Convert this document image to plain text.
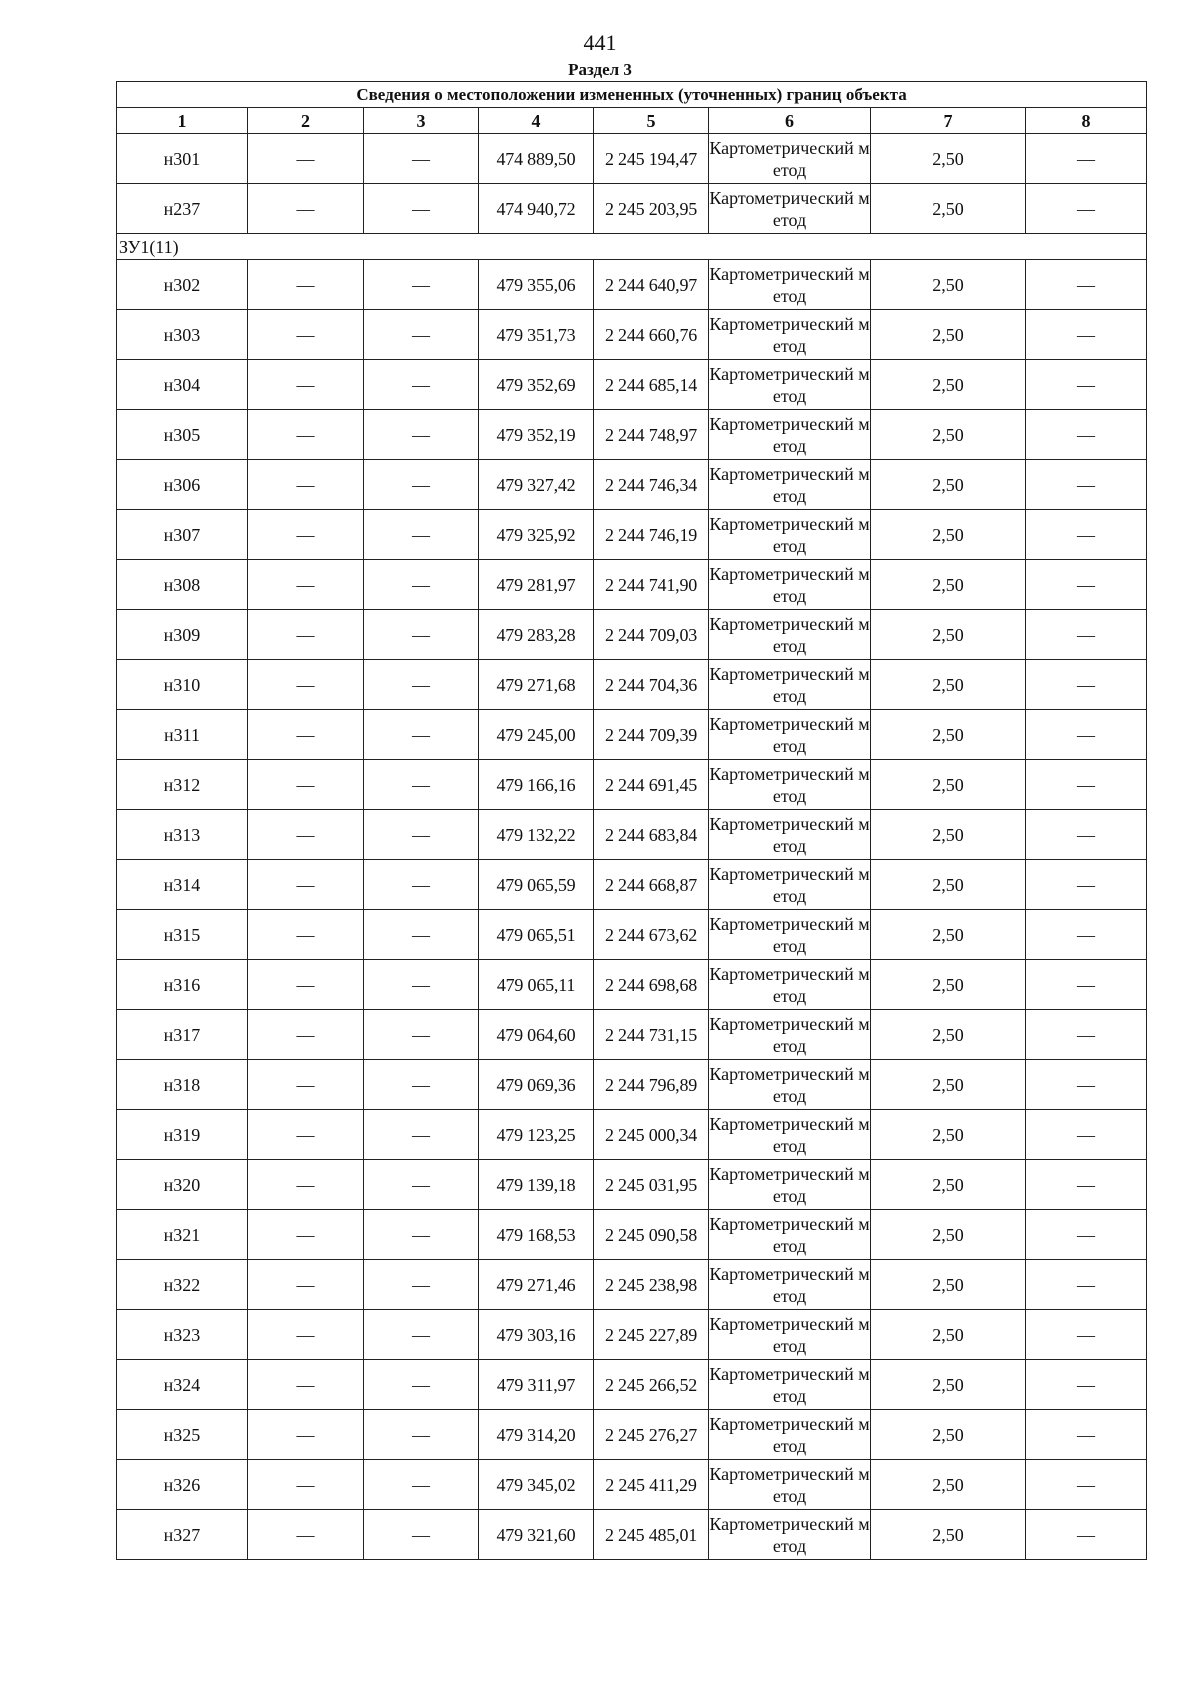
441
Раздел 3
Сведения о местоположении измененных (уточненных) границ объекта							
1	2	3	4	5	6	7	8
н301	—	—	474 889,50	2 245 194,47	Картометрический метод	2,50	—
н237	—	—	474 940,72	2 245 203,95	Картометрический метод	2,50	—
ЗУ1(11)							
н302	—	—	479 355,06	2 244 640,97	Картометрический метод	2,50	—
н303	—	—	479 351,73	2 244 660,76	Картометрический метод	2,50	—
н304	—	—	479 352,69	2 244 685,14	Картометрический метод	2,50	—
н305	—	—	479 352,19	2 244 748,97	Картометрический метод	2,50	—
н306	—	—	479 327,42	2 244 746,34	Картометрический метод	2,50	—
н307	—	—	479 325,92	2 244 746,19	Картометрический метод	2,50	—
н308	—	—	479 281,97	2 244 741,90	Картометрический метод	2,50	—
н309	—	—	479 283,28	2 244 709,03	Картометрический метод	2,50	—
н310	—	—	479 271,68	2 244 704,36	Картометрический метод	2,50	—
н311	—	—	479 245,00	2 244 709,39	Картометрический метод	2,50	—
н312	—	—	479 166,16	2 244 691,45	Картометрический метод	2,50	—
н313	—	—	479 132,22	2 244 683,84	Картометрический метод	2,50	—
н314	—	—	479 065,59	2 244 668,87	Картометрический метод	2,50	—
н315	—	—	479 065,51	2 244 673,62	Картометрический метод	2,50	—
н316	—	—	479 065,11	2 244 698,68	Картометрический метод	2,50	—
н317	—	—	479 064,60	2 244 731,15	Картометрический метод	2,50	—
н318	—	—	479 069,36	2 244 796,89	Картометрический метод	2,50	—
н319	—	—	479 123,25	2 245 000,34	Картометрический метод	2,50	—
н320	—	—	479 139,18	2 245 031,95	Картометрический метод	2,50	—
н321	—	—	479 168,53	2 245 090,58	Картометрический метод	2,50	—
н322	—	—	479 271,46	2 245 238,98	Картометрический метод	2,50	—
н323	—	—	479 303,16	2 245 227,89	Картометрический метод	2,50	—
н324	—	—	479 311,97	2 245 266,52	Картометрический метод	2,50	—
н325	—	—	479 314,20	2 245 276,27	Картометрический метод	2,50	—
н326	—	—	479 345,02	2 245 411,29	Картометрический метод	2,50	—
н327	—	—	479 321,60	2 245 485,01	Картометрический метод	2,50	—
